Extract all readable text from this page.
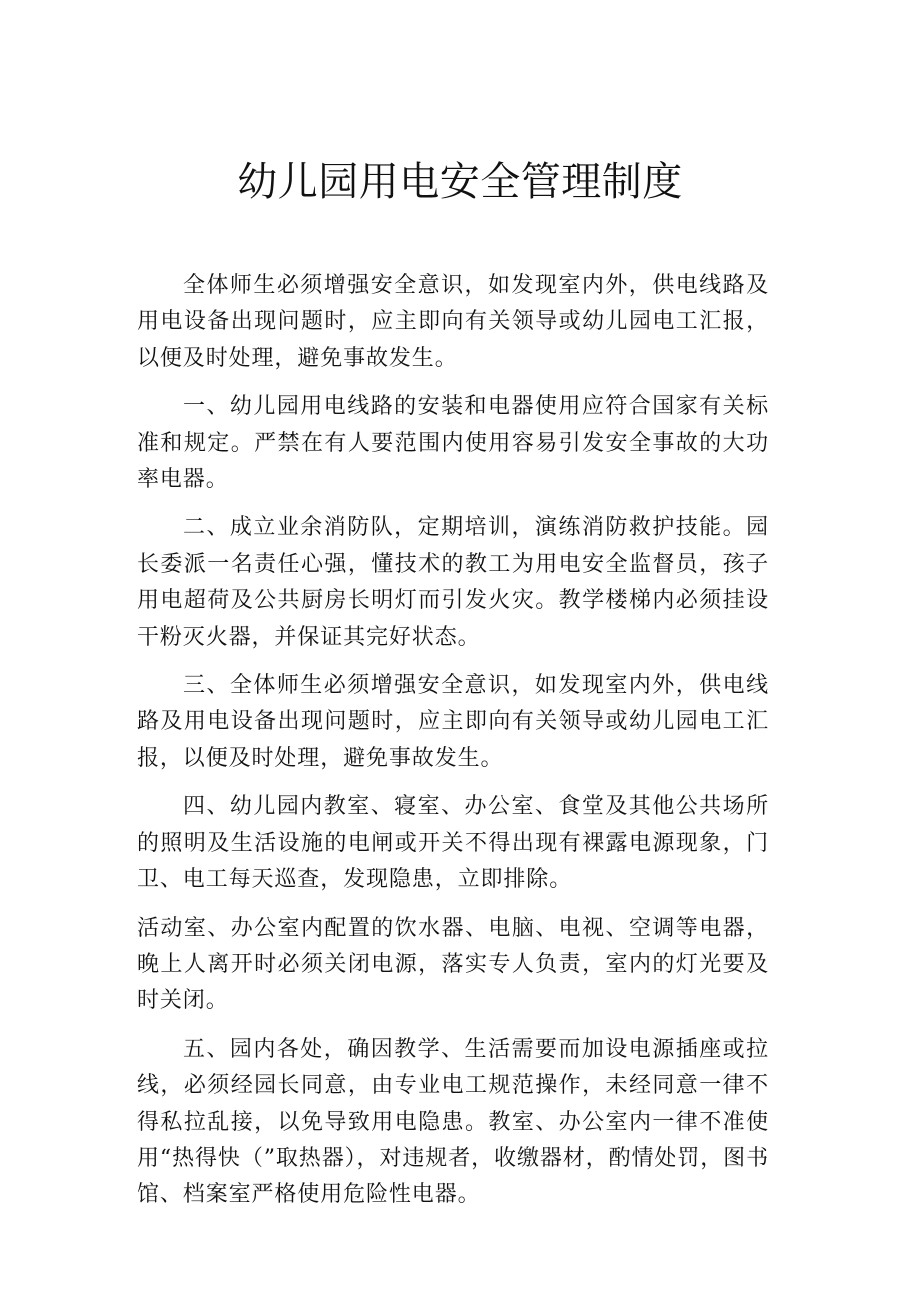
幼儿园用电安全管理制度

全体师生必须增强安全意识，如发现室内外，供电线路及用电设备出现问题时，应主即向有关领导或幼儿园电工汇报，以便及时处理，避免事故发生。

一、幼儿园用电线路的安装和电器使用应符合国家有关标准和规定。严禁在有人要范围内使用容易引发安全事故的大功率电器。

二、成立业余消防队，定期培训，演练消防救护技能。园长委派一名责任心强，懂技术的教工为用电安全监督员，孩子用电超荷及公共厨房长明灯而引发火灾。教学楼梯内必须挂设干粉灭火器，并保证其完好状态。

三、全体师生必须增强安全意识，如发现室内外，供电线路及用电设备出现问题时，应主即向有关领导或幼儿园电工汇报，以便及时处理，避免事故发生。

四、幼儿园内教室、寝室、办公室、食堂及其他公共场所的照明及生活设施的电闸或开关不得出现有裸露电源现象，门卫、电工每天巡查，发现隐患，立即排除。

活动室、办公室内配置的饮水器、电脑、电视、空调等电器，晚上人离开时必须关闭电源，落实专人负责，室内的灯光要及时关闭。

五、园内各处，确因教学、生活需要而加设电源插座或拉线，必须经园长同意，由专业电工规范操作，未经同意一律不得私拉乱接，以免导致用电隐患。教室、办公室内一律不准使用“热得快（”取热器），对违规者，收缴器材，酌情处罚，图书馆、档案室严格使用危险性电器。
